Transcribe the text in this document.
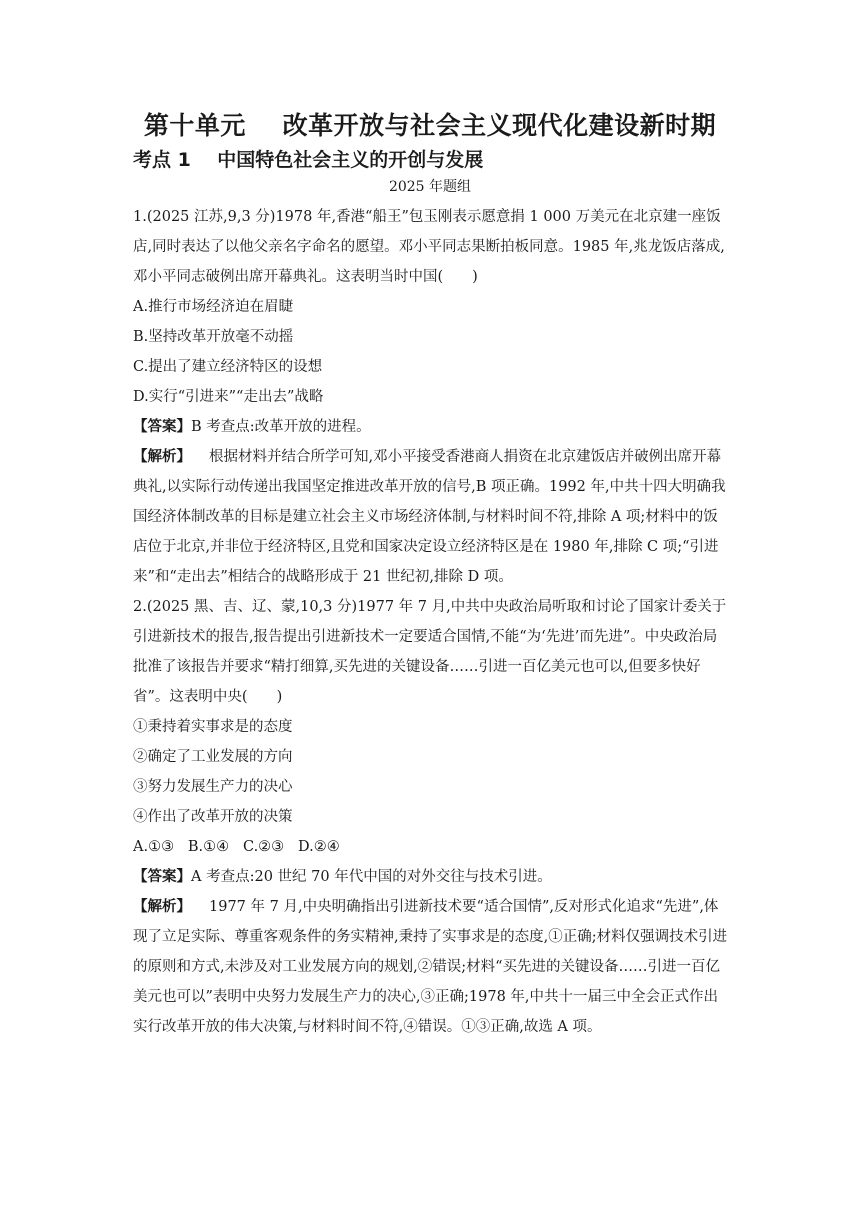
第十单元    改革开放与社会主义现代化建设新时期
考点 1    中国特色社会主义的开创与发展
2025 年题组

1.(2025 江苏,9,3 分)1978 年,香港“船王”包玉刚表示愿意捐 1 000 万美元在北京建一座饭店,同时表达了以他父亲名字命名的愿望。邓小平同志果断拍板同意。1985 年,兆龙饭店落成,邓小平同志破例出席开幕典礼。这表明当时中国(　　)

A.推行市场经济迫在眉睫

B.坚持改革开放毫不动摇

C.提出了建立经济特区的设想

D.实行“引进来”“走出去”战略

【答案】B 考查点:改革开放的进程。

【解析】 根据材料并结合所学可知,邓小平接受香港商人捐资在北京建饭店并破例出席开幕典礼,以实际行动传递出我国坚定推进改革开放的信号,B 项正确。1992 年,中共十四大明确我国经济体制改革的目标是建立社会主义市场经济体制,与材料时间不符,排除 A 项;材料中的饭店位于北京,并非位于经济特区,且党和国家决定设立经济特区是在 1980 年,排除 C 项;“引进来”和“走出去”相结合的战略形成于 21 世纪初,排除 D 项。

2.(2025 黑、吉、辽、蒙,10,3 分)1977 年 7 月,中共中央政治局听取和讨论了国家计委关于引进新技术的报告,报告提出引进新技术一定要适合国情,不能“为‘先进’而先进”。中央政治局批准了该报告并要求“精打细算,买先进的关键设备……引进一百亿美元也可以,但要多快好省”。这表明中央(　　)

①秉持着实事求是的态度

②确定了工业发展的方向

③努力发展生产力的决心

④作出了改革开放的决策

A.①③   B.①④   C.②③   D.②④

【答案】A 考查点:20 世纪 70 年代中国的对外交往与技术引进。

【解析】 1977 年 7 月,中央明确指出引进新技术要“适合国情”,反对形式化追求“先进”,体现了立足实际、尊重客观条件的务实精神,秉持了实事求是的态度,①正确;材料仅强调技术引进的原则和方式,未涉及对工业发展方向的规划,②错误;材料“买先进的关键设备……引进一百亿美元也可以”表明中央努力发展生产力的决心,③正确;1978 年,中共十一届三中全会正式作出实行改革开放的伟大决策,与材料时间不符,④错误。①③正确,故选 A 项。
